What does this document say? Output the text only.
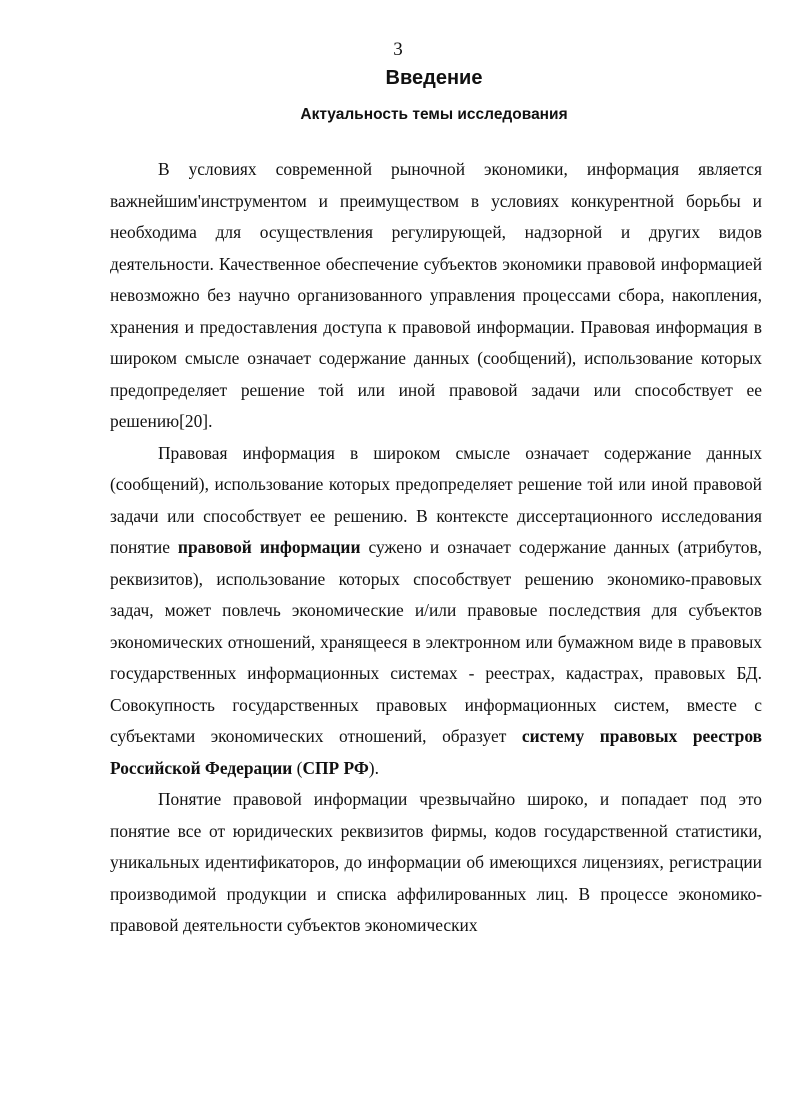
3
Введение
Актуальность темы исследования

В условиях современной рыночной экономики, информация является важнейшим'инструментом и преимуществом в условиях конкурентной борьбы и необходима для осуществления регулирующей, надзорной и других видов деятельности. Качественное обеспечение субъектов экономики правовой информацией невозможно без научно организованного управления процессами сбора, накопления, хранения и предоставления доступа к правовой информации. Правовая информация в широком смысле означает содержание данных (сообщений), использование которых предопределяет решение той или иной правовой задачи или способствует ее решению[20].

Правовая информация в широком смысле означает содержание данных (сообщений), использование которых предопределяет решение той или иной правовой задачи или способствует ее решению. В контексте диссертационного исследования понятие правовой информации сужено и означает содержание данных (атрибутов, реквизитов), использование которых способствует решению экономико-правовых задач, может повлечь экономические и/или правовые последствия для субъектов экономических отношений, хранящееся в электронном или бумажном виде в правовых государственных информационных системах - реестрах, кадастрах, правовых БД. Совокупность государственных правовых информационных систем, вместе с субъектами экономических отношений, образует систему правовых реестров Российской Федерации (СПР РФ).

Понятие правовой информации чрезвычайно широко, и попадает под это понятие все от юридических реквизитов фирмы, кодов государственной статистики, уникальных идентификаторов, до информации об имеющихся лицензиях, регистрации производимой продукции и списка аффилированных лиц. В процессе экономико-правовой деятельности субъектов экономических
